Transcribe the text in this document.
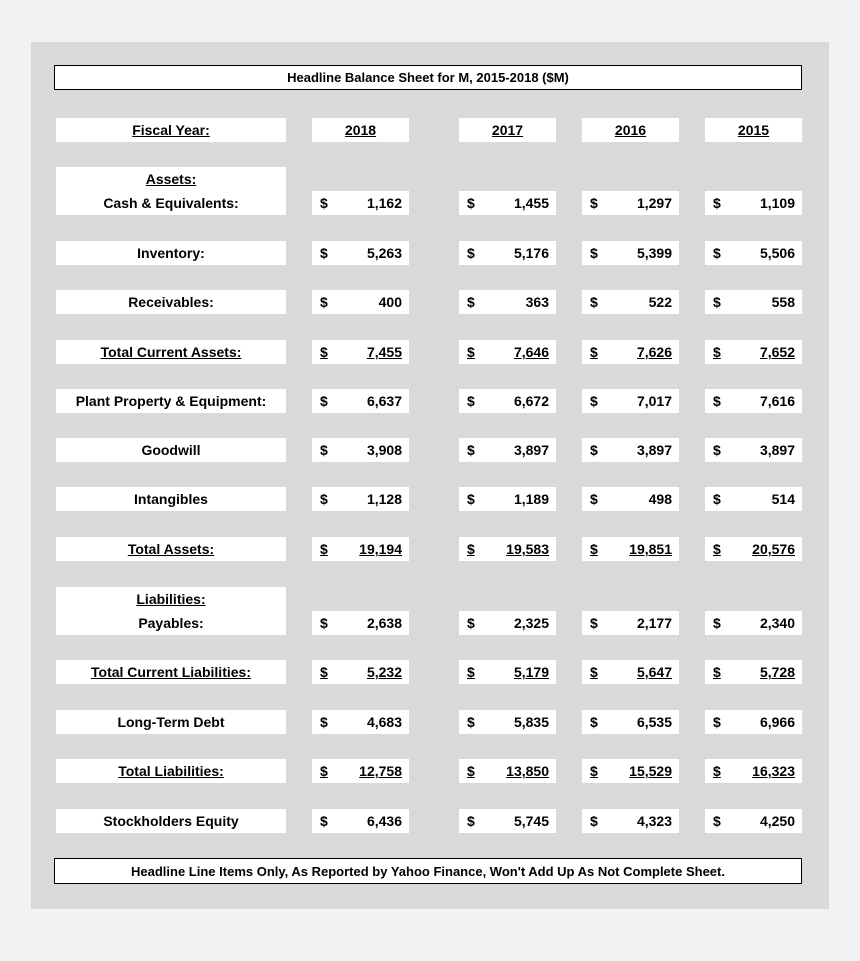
Headline Balance Sheet for M, 2015-2018 ($M)
Fiscal Year:	2018	2017	2016	2015
Assets:
Liabilities:
Cash & Equivalents:	$	1,162	$	1,455	$	1,297	$	1,109
Inventory:	$	5,263	$	5,176	$	5,399	$	5,506
Receivables:	$	400	$	363	$	522	$	558
Total Current Assets:	$	7,455	$	7,646	$	7,626	$	7,652
Plant Property & Equipment:	$	6,637	$	6,672	$	7,017	$	7,616
Goodwill	$	3,908	$	3,897	$	3,897	$	3,897
Intangibles	$	1,128	$	1,189	$	498	$	514
Total Assets:	$ 19,194	$ 19,583	$ 19,851	$ 20,576
Payables:	$	2,638	$	2,325	$	2,177	$	2,340
Total Current Liabilities:	$	5,232	$	5,179	$	5,647	$	5,728
Long-Term Debt	$	4,683	$	5,835	$	6,535	$	6,966
Total Liabilities:	$ 12,758	$ 13,850	$ 15,529	$ 16,323
Stockholders Equity	$	6,436	$	5,745	$	4,323	$	4,250
Headline Line Items Only, As Reported by Yahoo Finance, Won't Add Up As Not Complete Sheet.
